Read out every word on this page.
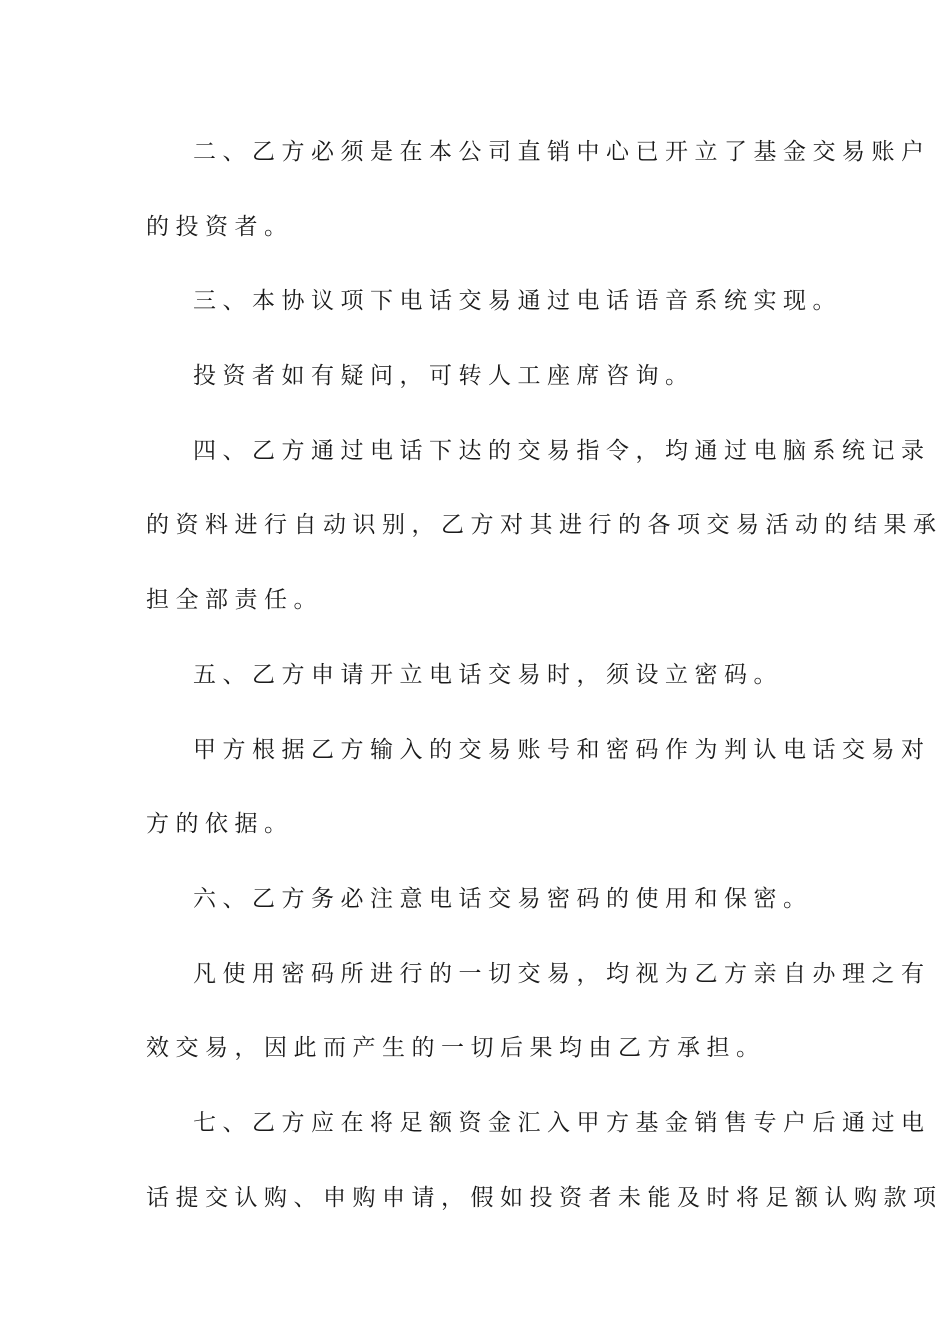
二、乙方必须是在本公司直销中心已开立了基金交易账户
的投资者。
三、本协议项下电话交易通过电话语音系统实现。
投资者如有疑问，可转人工座席咨询。
四、乙方通过电话下达的交易指令，均通过电脑系统记录
的资料进行自动识别，乙方对其进行的各项交易活动的结果承
担全部责任。
五、乙方申请开立电话交易时，须设立密码。
甲方根据乙方输入的交易账号和密码作为判认电话交易对
方的依据。
六、乙方务必注意电话交易密码的使用和保密。
凡使用密码所进行的一切交易，均视为乙方亲自办理之有
效交易，因此而产生的一切后果均由乙方承担。
七、乙方应在将足额资金汇入甲方基金销售专户后通过电
话提交认购、申购申请，假如投资者未能及时将足额认购款项
